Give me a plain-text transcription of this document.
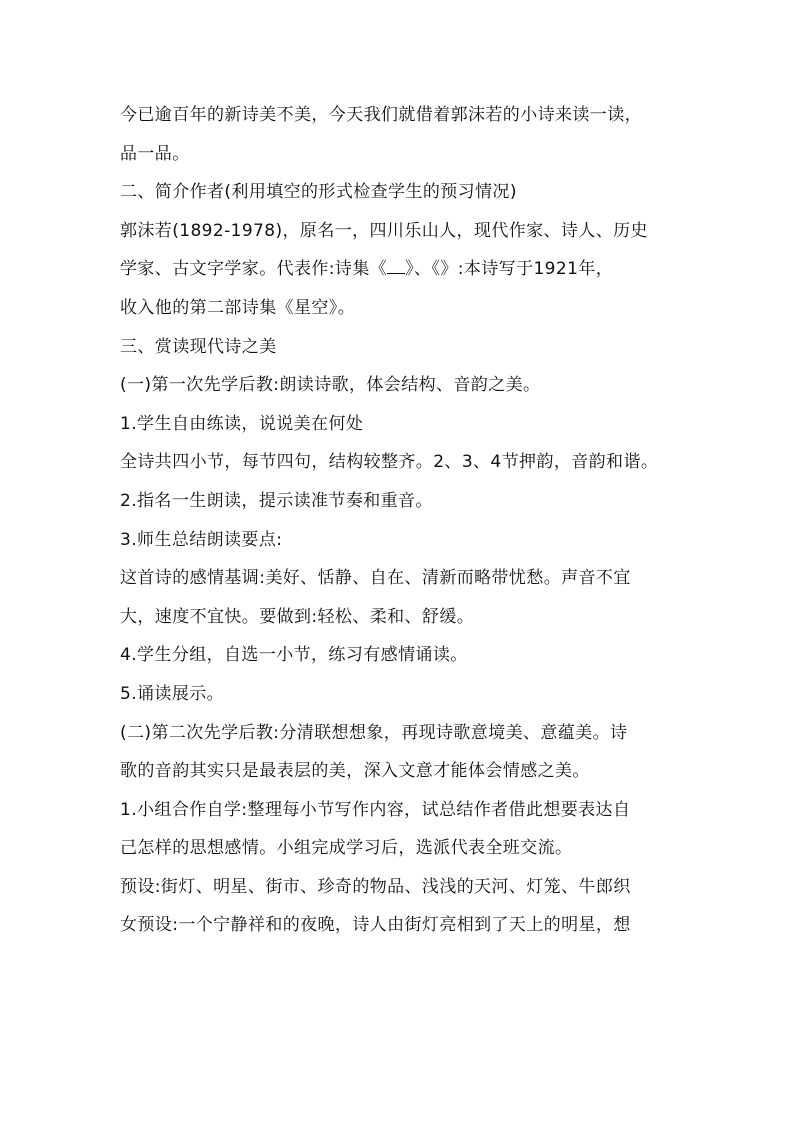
今已逾百年的新诗美不美，今天我们就借着郭沫若的小诗来读一读，
品一品。
二、简介作者(利用填空的形式检查学生的预习情况)
郭沫若(1892-1978)，原名一，四川乐山人，现代作家、诗人、历史
学家、古文字学家。代表作:诗集《 》、《》:本诗写于1921年，
收入他的第二部诗集《星空》。
三、赏读现代诗之美
(一)第一次先学后教:朗读诗歌，体会结构、音韵之美。
1.学生自由练读，说说美在何处
全诗共四小节，每节四句，结构较整齐。2、3、4节押韵，音韵和谐。
2.指名一生朗读，提示读准节奏和重音。
3.师生总结朗读要点:
这首诗的感情基调:美好、恬静、自在、清新而略带忧愁。声音不宜
大，速度不宜快。要做到:轻松、柔和、舒缓。
4.学生分组，自选一小节，练习有感情诵读。
5.诵读展示。
(二)第二次先学后教:分清联想想象，再现诗歌意境美、意蕴美。诗
歌的音韵其实只是最表层的美，深入文意才能体会情感之美。
1.小组合作自学:整理每小节写作内容，试总结作者借此想要表达自
己怎样的思想感情。小组完成学习后，选派代表全班交流。
预设:街灯、明星、街市、珍奇的物品、浅浅的天河、灯笼、牛郎织
女预设:一个宁静祥和的夜晚，诗人由街灯亮相到了天上的明星，想
